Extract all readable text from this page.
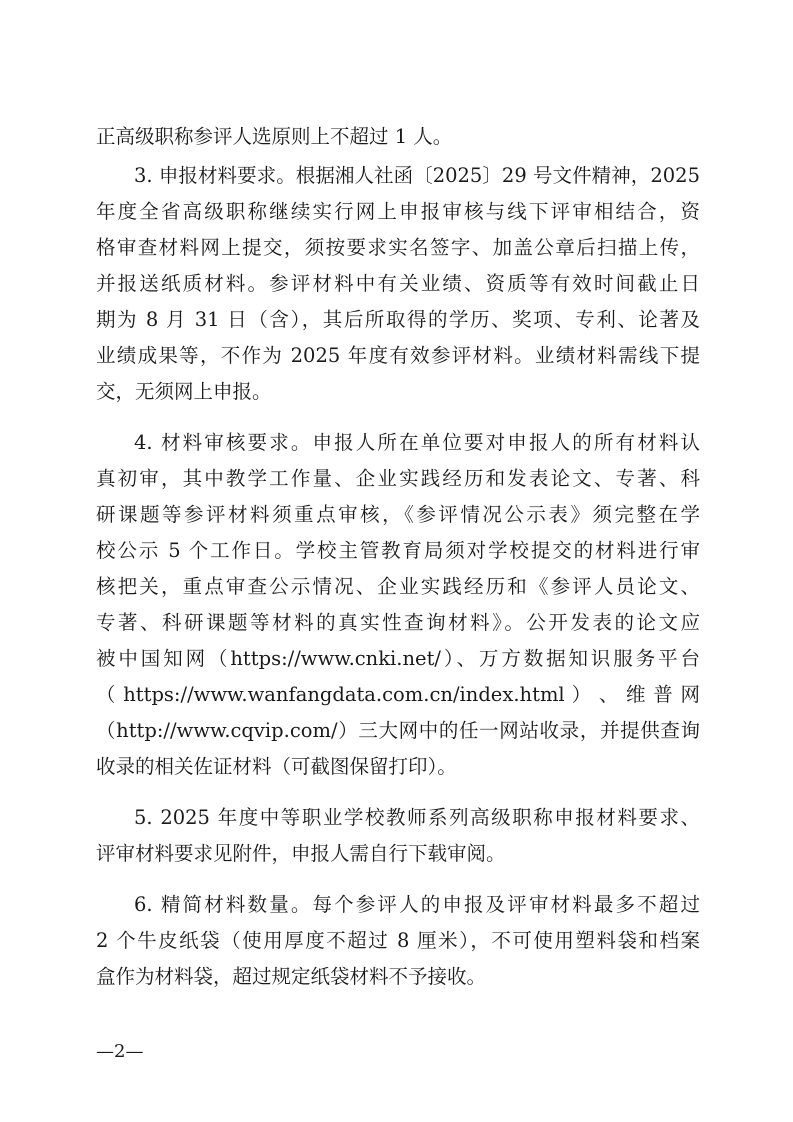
正高级职称参评人选原则上不超过 1 人。
3. 申报材料要求。根据湘人社函〔2025〕29 号文件精神，2025
年度全省高级职称继续实行网上申报审核与线下评审相结合，资
格审查材料网上提交，须按要求实名签字、加盖公章后扫描上传，
并报送纸质材料。参评材料中有关业绩、资质等有效时间截止日
期为 8 月 31 日（含），其后所取得的学历、奖项、专利、论著及
业绩成果等，不作为 2025 年度有效参评材料。业绩材料需线下提
交，无须网上申报。
4. 材料审核要求。申报人所在单位要对申报人的所有材料认
真初审，其中教学工作量、企业实践经历和发表论文、专著、科
研课题等参评材料须重点审核，《参评情况公示表》须完整在学
校公示 5 个工作日。学校主管教育局须对学校提交的材料进行审
核把关，重点审查公示情况、企业实践经历和《参评人员论文、
专著、科研课题等材料的真实性查询材料》。公开发表的论文应
被中国知网（https://www.cnki.net/）、万方数据知识服务平台
（ https://www.wanfangdata.com.cn/index.html ） 、 维 普 网
（http://www.cqvip.com/）三大网中的任一网站收录，并提供查询
收录的相关佐证材料（可截图保留打印）。
5. 2025 年度中等职业学校教师系列高级职称申报材料要求、
评审材料要求见附件，申报人需自行下载审阅。
6. 精简材料数量。每个参评人的申报及评审材料最多不超过
2 个牛皮纸袋（使用厚度不超过 8 厘米），不可使用塑料袋和档案
盒作为材料袋，超过规定纸袋材料不予接收。
—2—
